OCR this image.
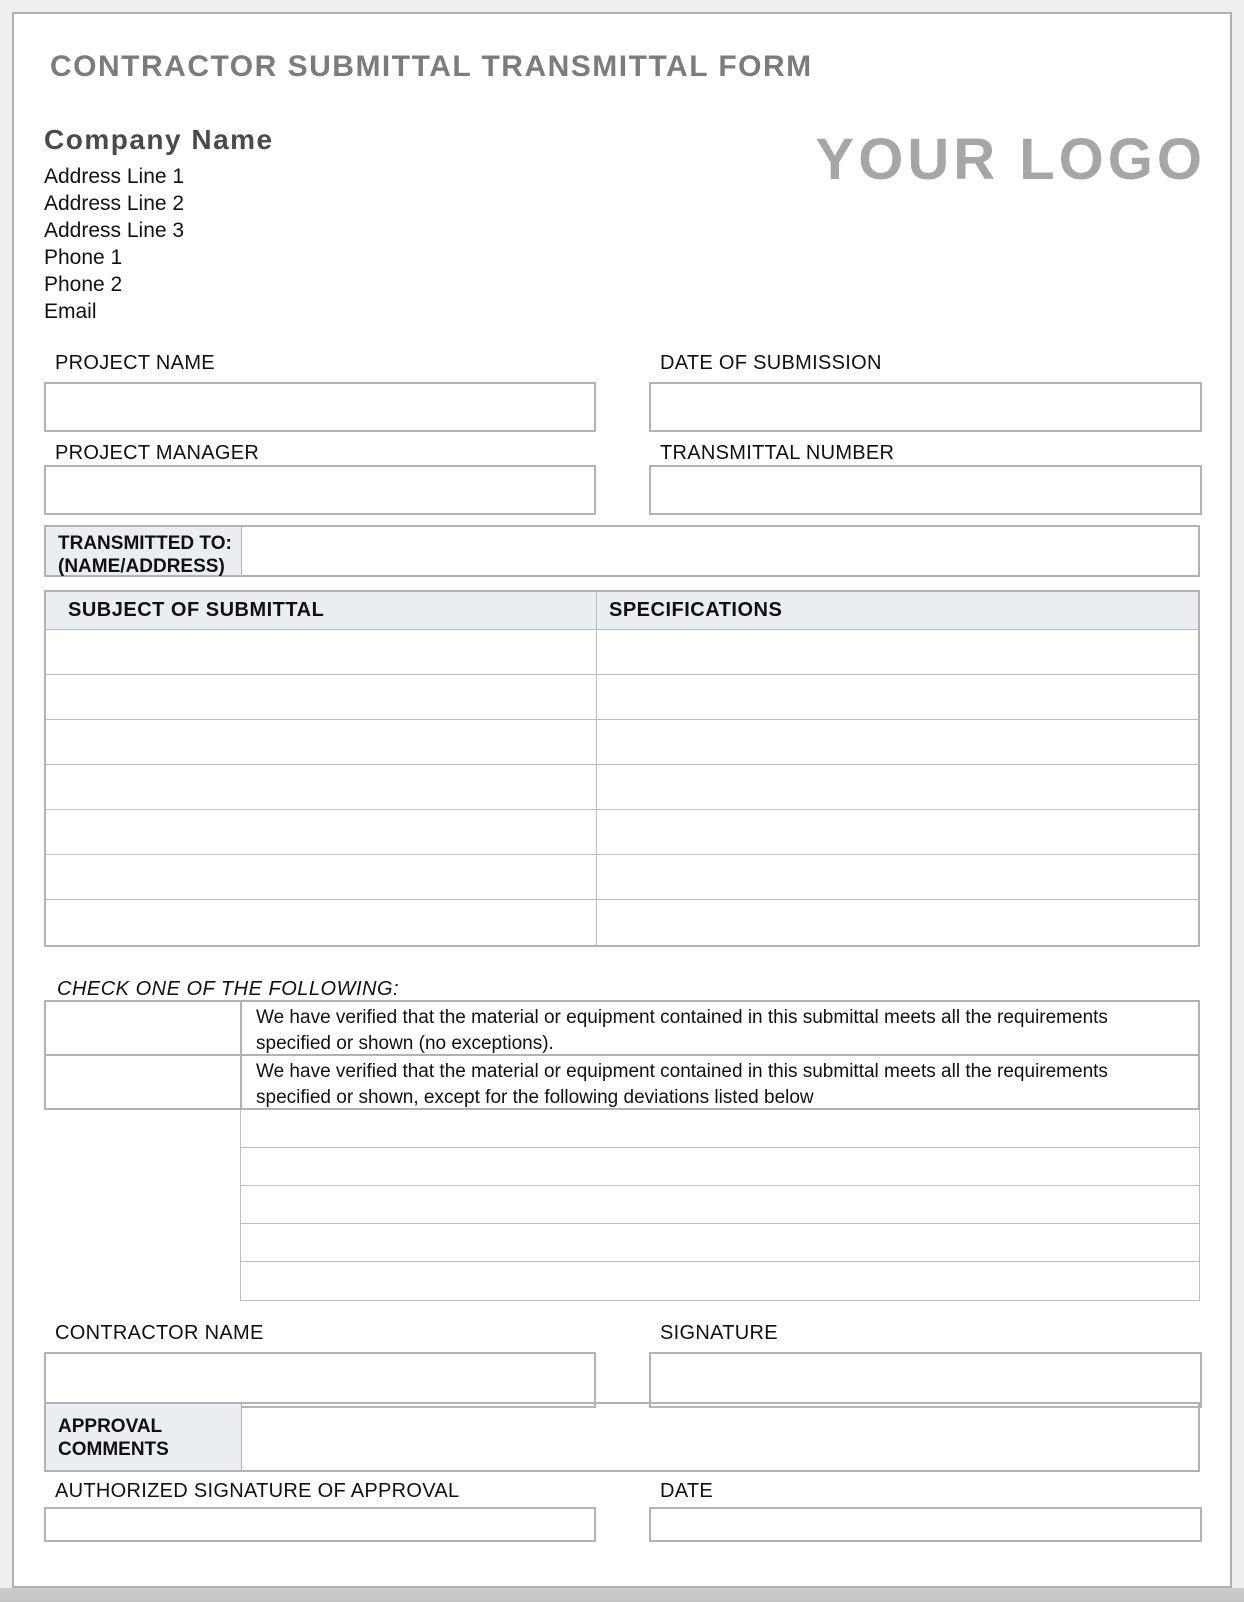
CONTRACTOR SUBMITTAL TRANSMITTAL FORM
Company Name
Address Line 1
Address Line 2
Address Line 3
Phone 1
Phone 2
Email
YOUR LOGO
PROJECT NAME	DATE OF SUBMISSION
PROJECT MANAGER	TRANSMITTAL NUMBER
TRANSMITTED TO:
(NAME/ADDRESS)
SUBJECT OF SUBMITTAL	SPECIFICATIONS
CHECK ONE OF THE FOLLOWING:
We have verified that the material or equipment contained in this submittal meets all the requirements specified or shown (no exceptions).
We have verified that the material or equipment contained in this submittal meets all the requirements specified or shown, except for the following deviations listed below
CONTRACTOR NAME	SIGNATURE
APPROVAL
COMMENTS
AUTHORIZED SIGNATURE OF APPROVAL	DATE
